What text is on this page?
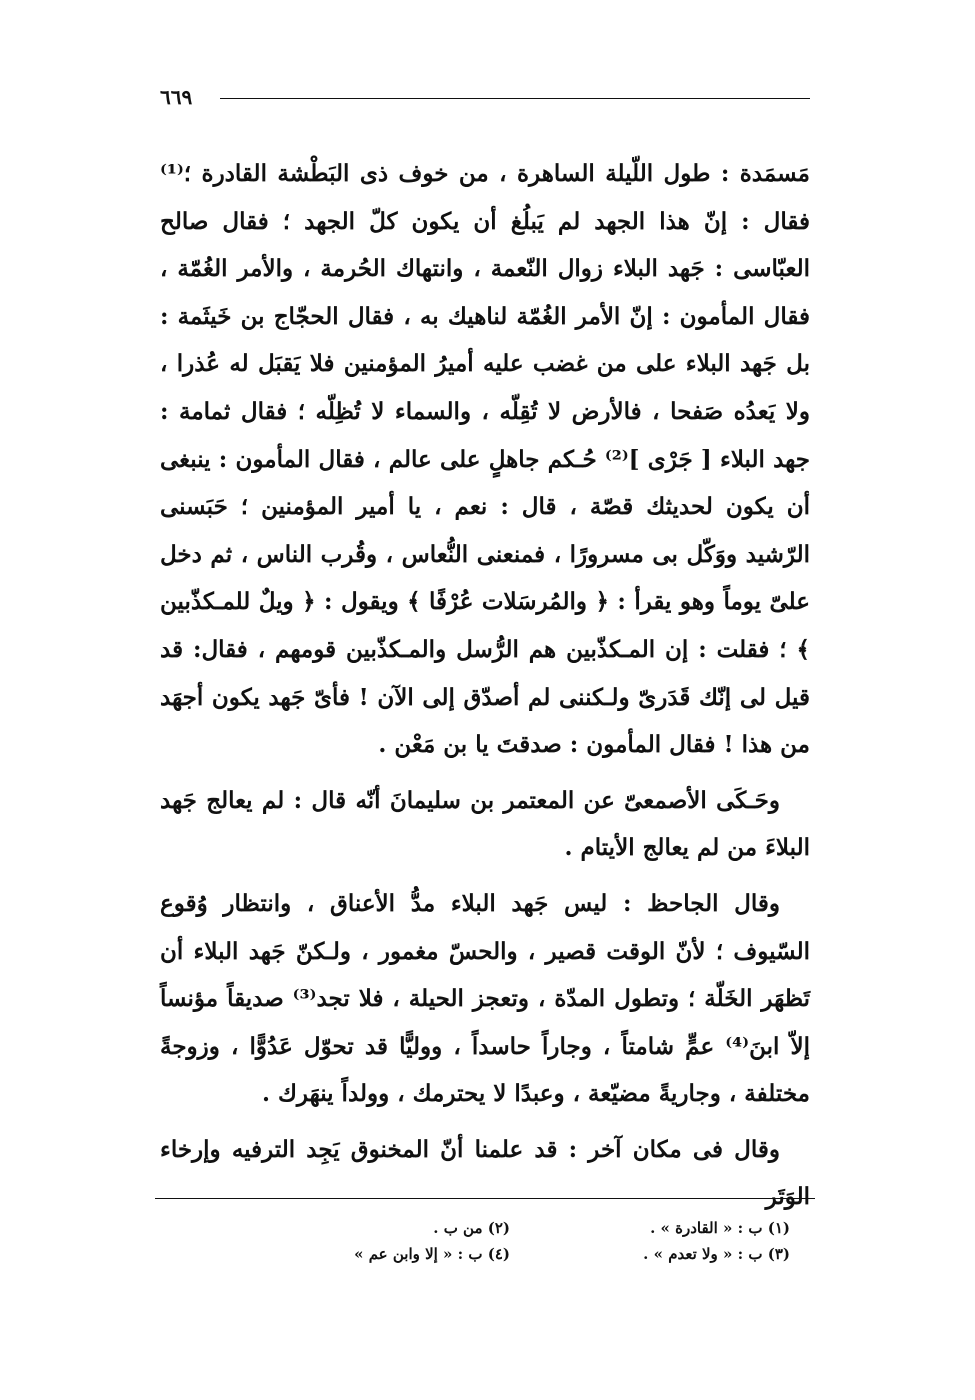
٦٦٩

مَسمَدة : طول اللّيلة الساهرة ، من خوف ذى البَطْشة القادرة ؛⁽¹⁾ فقال : إنّ هذا الجهد لم يَبلُغ أن يكون كلّ الجهد ؛ فقال صالح العبّاسى : جَهد البلاء زوال النّعمة ، وانتهاك الحُرمة ، والأمر الغُمّة ، فقال المأمون : إنّ الأمر الغُمّة لناهيك به ، فقال الحجّاج بن خَيثَمة : بل جَهد البلاء على من غضب عليه أميرُ المؤمنين فلا يَقبَل له عُذرا ، ولا يَعدُه صَفحا ، فالأرض لا تُقِلّه ، والسماء لا تُظِلّه ؛ فقال ثمامة : جهد البلاء [ جَرْى ]⁽²⁾ حُـكم جاهلٍ على عالم ، فقال المأمون : ينبغى أن يكون لحديثك قصّة ، قال : نعم ، يا أمير المؤمنين ؛ حَبَسنى الرّشيد ووَكّل بى مسرورًا ، فمنعنى النُّعاس ، وقُرب الناس ، ثم دخل علىّ يوماً وهو يقرأ : ﴿ والمُرسَلات عُرْفًا ﴾ ويقول : ﴿ ويلٌ للمـكذّبين ﴾ ؛ فقلت : إن المـكذّبين هم الرُّسل والمـكذّبين قومهم ، فقال: قد قيل لى إنّك قَدَرىّ ولـكننى لم أصدّق إلى الآن ! فأىّ جَهد يكون أجهَد من هذا ! فقال المأمون : صدقتَ يا بن مَعْن .

وحَـكَى الأصمعىّ عن المعتمر بن سليمانَ أنّه قال : لم يعالج جَهد البلاءَ من لم يعالج الأيتام .

وقال الجاحظ : ليس جَهد البلاء مدُّ الأعناق ، وانتظار وُقوع السّيوف ؛ لأنّ الوقت قصير ، والحسّ مغمور ، ولـكنّ جَهد البلاء أن تَظهَر الخَلّة ؛ وتطول المدّة ، وتعجز الحيلة ، فلا تجد⁽³⁾ صديقاً مؤنساً إلاّ ابنَ⁽⁴⁾ عمٍّ شامتاً ، وجاراً حاسداً ، ووليًّا قد تحوّل عَدُوًّا ، وزوجةً مختلفة ، وجاريةً مضيّعة ، وعبدًا لا يحترمك ، وولداً ينهَرك .

وقال فى مكان آخر : قد علمنا أنّ المخنوق يَجِد الترفيه وإرخاء الوَتَر

(١) ب : « القادرة » .
(٢) من ب .
(٣) ب : « ولا تعدم » .
(٤) ب : « إلا وابن عم »
